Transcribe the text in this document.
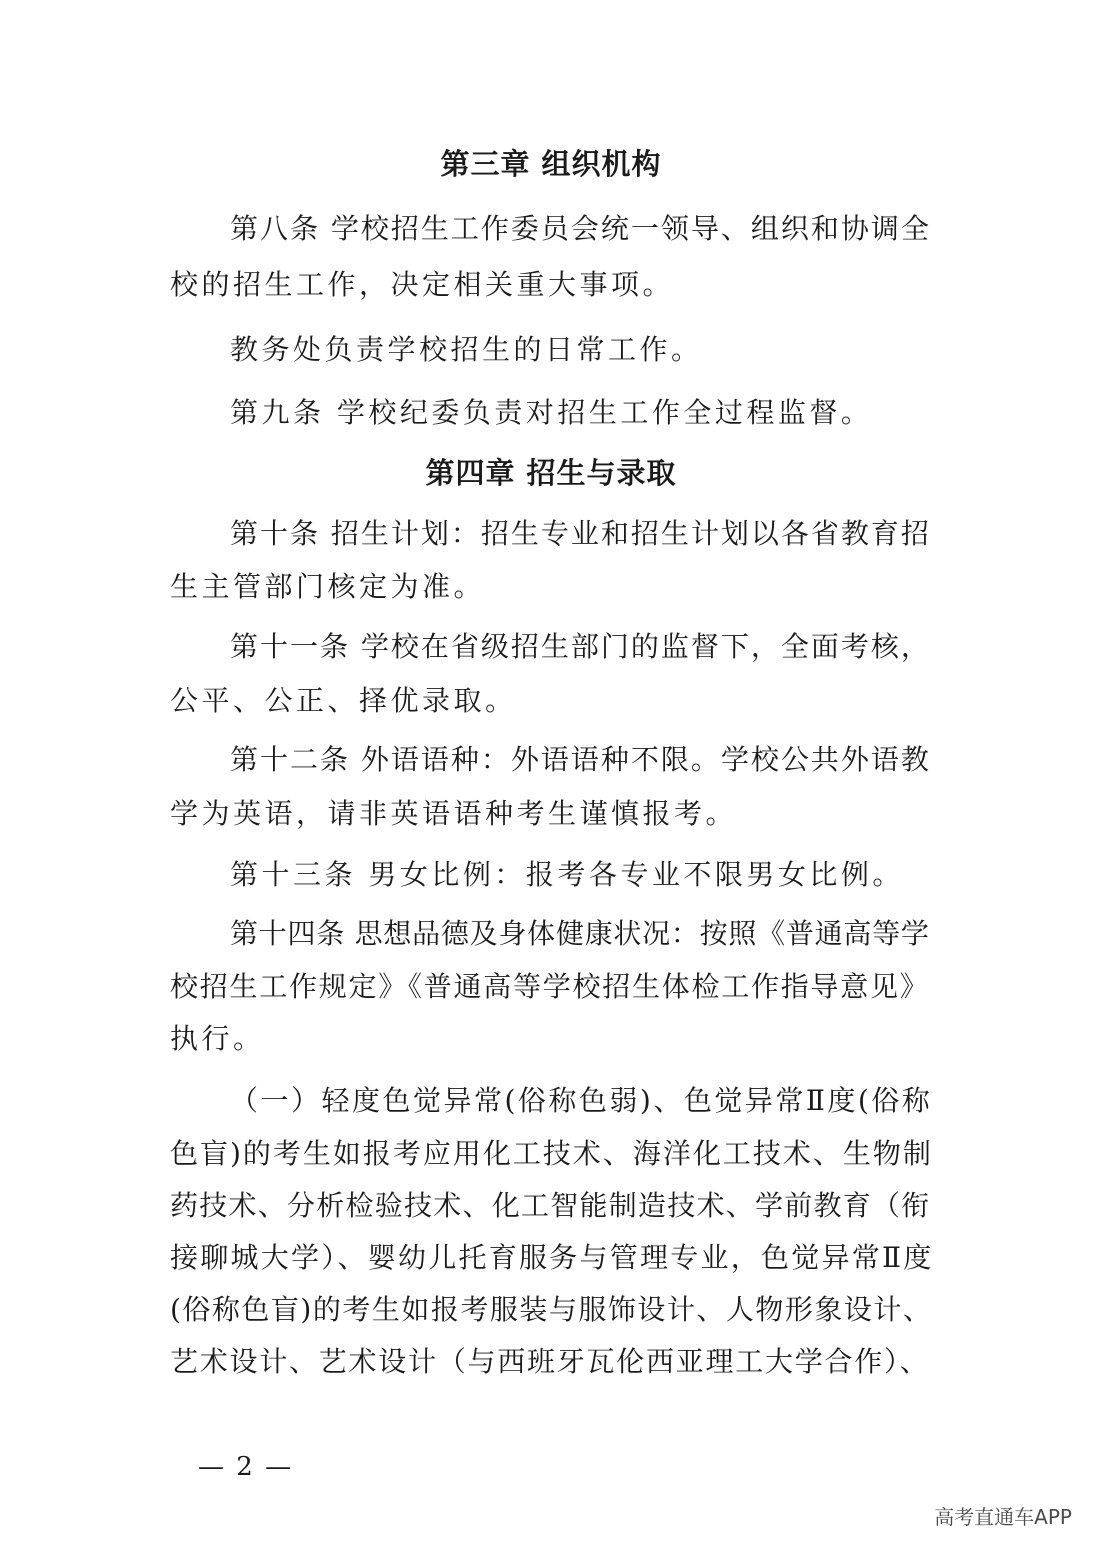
第三章 组织机构
第八条 学校招生工作委员会统一领导、组织和协调全
校的招生工作，决定相关重大事项。
教务处负责学校招生的日常工作。
第九条 学校纪委负责对招生工作全过程监督。
第四章 招生与录取
第十条 招生计划：招生专业和招生计划以各省教育招
生主管部门核定为准。
第十一条 学校在省级招生部门的监督下，全面考核，
公平、公正、择优录取。
第十二条 外语语种：外语语种不限。学校公共外语教
学为英语，请非英语语种考生谨慎报考。
第十三条 男女比例：报考各专业不限男女比例。
第十四条 思想品德及身体健康状况：按照《普通高等学
校招生工作规定》《普通高等学校招生体检工作指导意见》
执行。
（一）轻度色觉异常(俗称色弱)、色觉异常Ⅱ度(俗称
色盲)的考生如报考应用化工技术、海洋化工技术、生物制
药技术、分析检验技术、化工智能制造技术、学前教育（衔
接聊城大学）、婴幼儿托育服务与管理专业，色觉异常Ⅱ度
(俗称色盲)的考生如报考服装与服饰设计、人物形象设计、
艺术设计、艺术设计（与西班牙瓦伦西亚理工大学合作）、
— 2 —
高考直通车APP
